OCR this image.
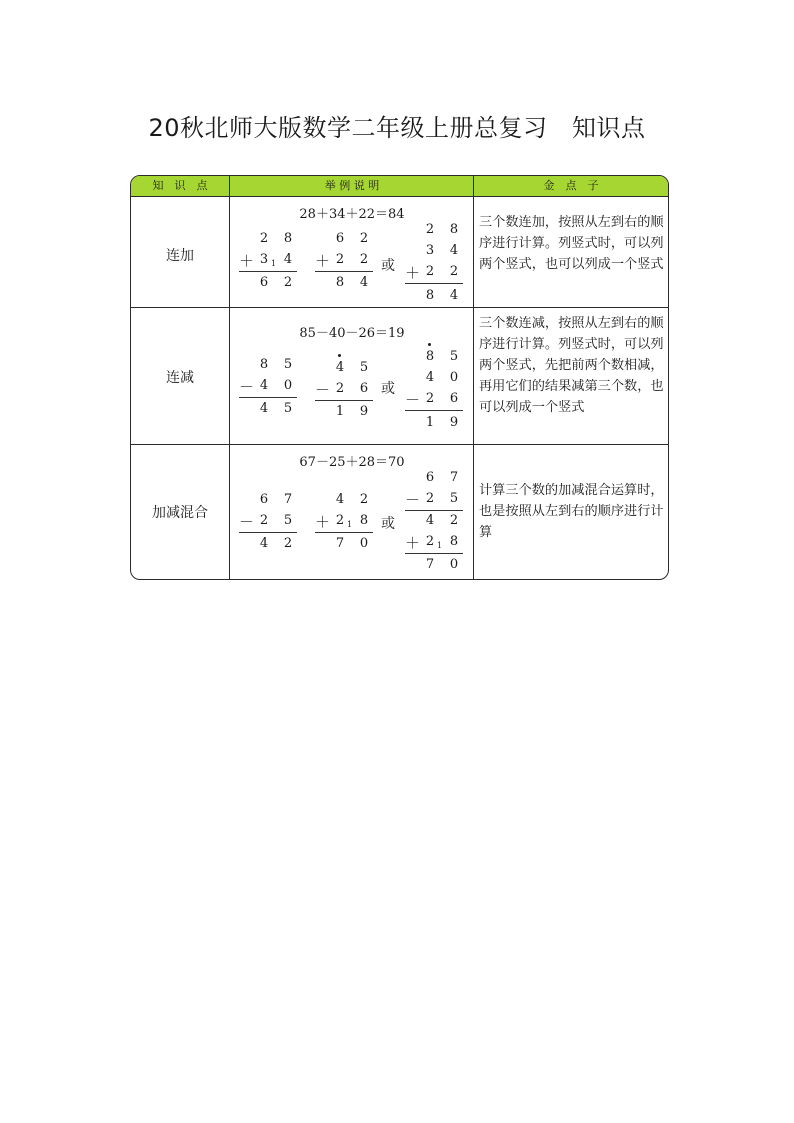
20秋北师大版数学二年级上册总复习　知识点
知　识　点	举 例 说 明	金　点　子
连加
28＋34＋22＝84
三个数连加，按照从左到右的顺序进行计算。列竖式时，可以列两个竖式，也可以列成一个竖式
连减
85－40－26＝19
三个数连减，按照从左到右的顺序进行计算。列竖式时，可以列两个竖式，先把前两个数相减，再用它们的结果减第三个数，也可以列成一个竖式
加减混合
67－25＋28＝70
计算三个数的加减混合运算时，也是按照从左到右的顺序进行计算
2 8
＋ 3 1 4
6 2
6 2
＋ 2 2
8 4
或
2 8
3 4
＋ 2 2
8 4
8 5
－ 4 0
4 5
4 5
－ 2 6
1 9
或
8 5
4 0
－ 2 6
1 9
6 7
－ 2 5
4 2
4 2
＋ 2 1 8
7 0
或
6 7
－ 2 5
4 2
＋ 2 1 8
7 0
